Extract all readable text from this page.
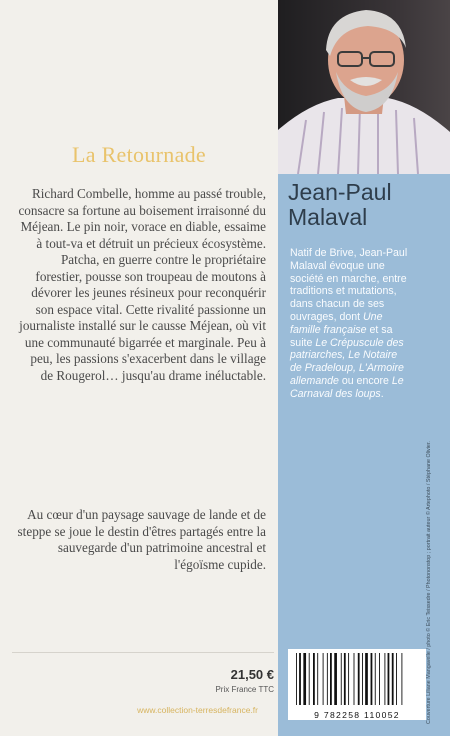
La Retournade

Richard Combelle, homme au passé trouble, consacre sa fortune au boisement irraisonné du Méjean. Le pin noir, vorace en diable, essaime à tout-va et détruit un précieux écosystème. Patcha, en guerre contre le propriétaire forestier, pousse son troupeau de moutons à dévorer les jeunes résineux pour reconquérir son espace vital. Cette rivalité passionne un journaliste installé sur le causse Méjean, où vit une communauté bigarrée et marginale. Peu à peu, les passions s'exacerbent dans le village de Rougerol… jusqu'au drame inéluctable.

Au cœur d'un paysage sauvage de lande et de steppe se joue le destin d'êtres partagés entre la sauvegarde d'un patrimoine ancestral et l'égoïsme cupide.

21,50 €
Prix France TTC
www.collection-terresdefrance.fr
Jean-Paul
Malaval
Natif de Brive, Jean-Paul Malaval évoque une société en marche, entre traditions et mutations, dans chacun de ses ouvrages, dont Une famille française et sa suite Le Crépuscule des patriarches, Le Notaire de Pradeloup, L'Armoire allemande ou encore Le Carnaval des loups.
Couverture Liliane Mangavelle / photo © Eric Teissedre / Photononstop ; portrait auteur © Artephoto / Stéphane Olivier.
9 782258 110052
